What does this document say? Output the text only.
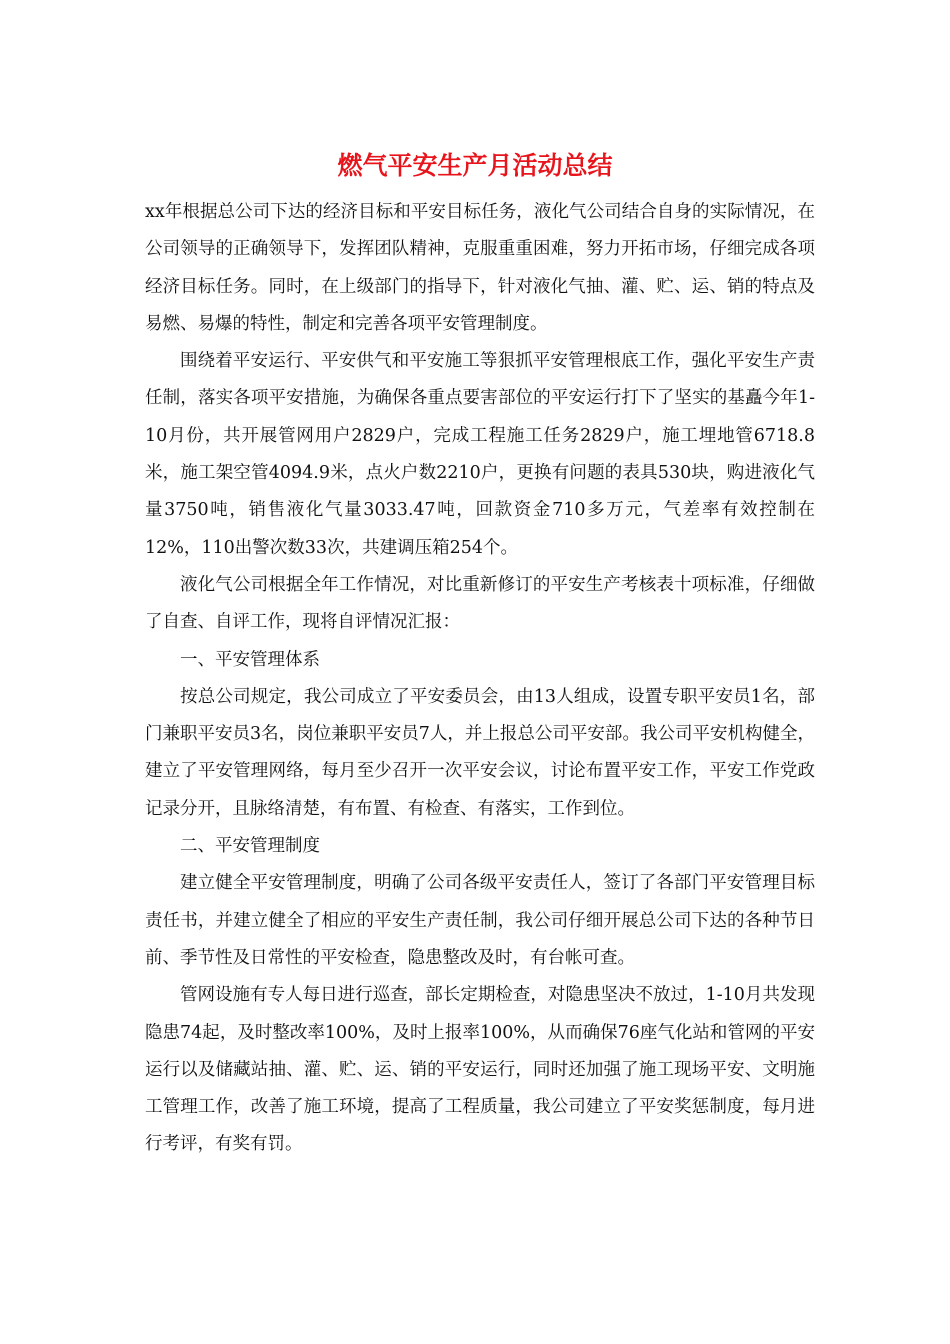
燃气平安生产月活动总结

xx年根据总公司下达的经济目标和平安目标任务，液化气公司结合自身的实际情况，在公司领导的正确领导下，发挥团队精神，克服重重困难，努力开拓市场，仔细完成各项经济目标任务。同时，在上级部门的指导下，针对液化气抽、灌、贮、运、销的特点及易燃、易爆的特性，制定和完善各项平安管理制度。

围绕着平安运行、平安供气和平安施工等狠抓平安管理根底工作，强化平安生产责任制，落实各项平安措施，为确保各重点要害部位的平安运行打下了坚实的基矗今年1-10月份，共开展管网用户2829户，完成工程施工任务2829户，施工埋地管6718.8米，施工架空管4094.9米，点火户数2210户，更换有问题的表具530块，购进液化气量3750吨，销售液化气量3033.47吨，回款资金710多万元，气差率有效控制在12%，110出警次数33次，共建调压箱254个。

液化气公司根据全年工作情况，对比重新修订的平安生产考核表十项标准，仔细做了自查、自评工作，现将自评情况汇报：

一、平安管理体系

按总公司规定，我公司成立了平安委员会，由13人组成，设置专职平安员1名，部门兼职平安员3名，岗位兼职平安员7人，并上报总公司平安部。我公司平安机构健全，建立了平安管理网络，每月至少召开一次平安会议，讨论布置平安工作，平安工作党政记录分开，且脉络清楚，有布置、有检查、有落实，工作到位。

二、平安管理制度

建立健全平安管理制度，明确了公司各级平安责任人，签订了各部门平安管理目标责任书，并建立健全了相应的平安生产责任制，我公司仔细开展总公司下达的各种节日前、季节性及日常性的平安检查，隐患整改及时，有台帐可查。

管网设施有专人每日进行巡查，部长定期检查，对隐患坚决不放过，1-10月共发现隐患74起，及时整改率100%，及时上报率100%，从而确保76座气化站和管网的平安运行以及储藏站抽、灌、贮、运、销的平安运行，同时还加强了施工现场平安、文明施工管理工作，改善了施工环境，提高了工程质量，我公司建立了平安奖惩制度，每月进行考评，有奖有罚。
